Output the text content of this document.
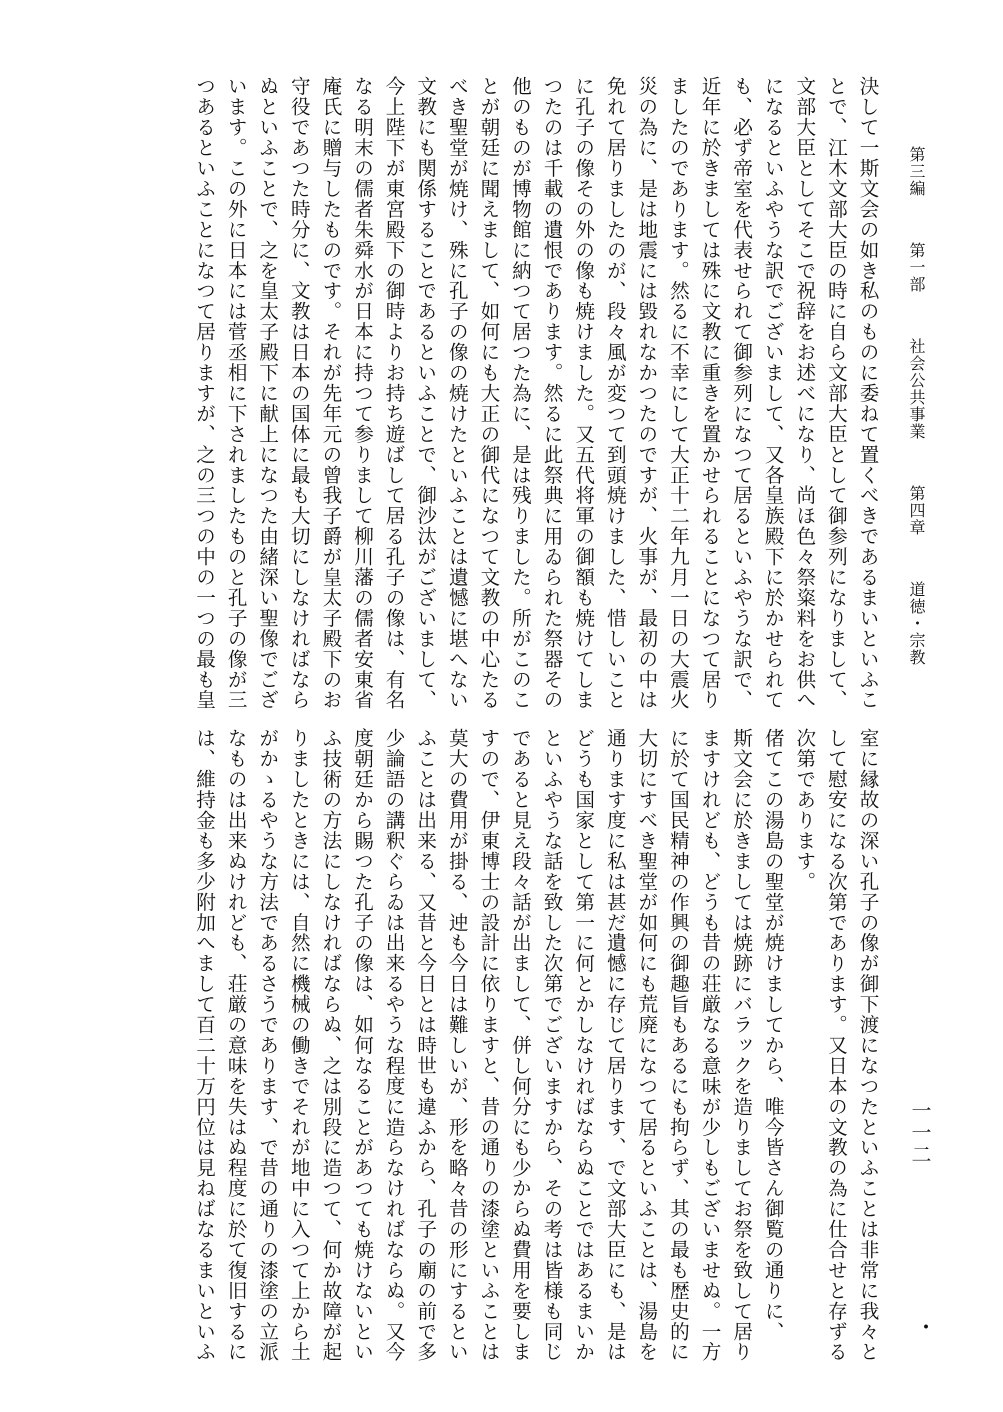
第三編
第一部
社会公共事業
第四章
道徳・宗教
一一二
・
決して一斯文会の如き私のものに委ねて置くべきであるまいといふこ
とで、江木文部大臣の時に自ら文部大臣として御参列になりまして、
文部大臣としてそこで祝辞をお述べになり、尚ほ色々祭粢料をお供へ
になるといふやうな訳でございまして、又各皇族殿下に於かせられて
も、必ず帝室を代表せられて御参列になつて居るといふやうな訳で、
近年に於きましては殊に文教に重きを置かせられることになつて居り
ましたのであります。然るに不幸にして大正十二年九月一日の大震火
災の為に、是は地震には毀れなかつたのですが、火事が、最初の中は
免れて居りましたのが、段々風が変つて到頭焼けました、惜しいこと
に孔子の像その外の像も焼けました。又五代将軍の御額も焼けてしま
つたのは千載の遺恨であります。然るに此祭典に用ゐられた祭器その
他のものが博物館に納つて居つた為に、是は残りました。所がこのこ
とが朝廷に聞えまして、如何にも大正の御代になつて文教の中心たる
べき聖堂が焼け、殊に孔子の像の焼けたといふことは遺憾に堪へない
文教にも関係することであるといふことで、御沙汰がございまして、
今上陛下が東宮殿下の御時よりお持ち遊ばして居る孔子の像は、有名
なる明末の儒者朱舜水が日本に持つて参りまして柳川藩の儒者安東省
庵氏に贈与したものです。それが先年元の曾我子爵が皇太子殿下のお
守役であつた時分に、文教は日本の国体に最も大切にしなければなら
ぬといふことで、之を皇太子殿下に献上になつた由緒深い聖像でござ
います。この外に日本には菅丞相に下されましたものと孔子の像が三
つあるといふことになつて居りますが、之の三つの中の一つの最も皇
室に縁故の深い孔子の像が御下渡になつたといふことは非常に我々と
して慰安になる次第であります。又日本の文教の為に仕合せと存ずる
次第であります。
偖てこの湯島の聖堂が焼けましてから、唯今皆さん御覧の通りに、
斯文会に於きましては焼跡にバラックを造りましてお祭を致して居り
ますけれども、どうも昔の荘厳なる意味が少しもございませぬ。一方
に於て国民精神の作興の御趣旨もあるにも拘らず、其の最も歴史的に
大切にすべき聖堂が如何にも荒廃になつて居るといふことは、湯島を
通ります度に私は甚だ遺憾に存じて居ります、で文部大臣にも、是は
どうも国家として第一に何とかしなければならぬことではあるまいか
といふやうな話を致した次第でございますから、その考は皆様も同じ
であると見え段々話が出まして、併し何分にも少からぬ費用を要しま
すので、伊東博士の設計に依りますと、昔の通りの漆塗といふことは
莫大の費用が掛る、迚も今日は難しいが、形を略々昔の形にするとい
ふことは出来る、又昔と今日とは時世も違ふから、孔子の廟の前で多
少論語の講釈ぐらゐは出来るやうな程度に造らなければならぬ。又今
度朝廷から賜つた孔子の像は、如何なることがあつても焼けないとい
ふ技術の方法にしなければならぬ、之は別段に造つて、何か故障が起
りましたときには、自然に機械の働きでそれが地中に入つて上から土
がかゝるやうな方法であるさうであります、で昔の通りの漆塗の立派
なものは出来ぬけれども、荘厳の意味を失はぬ程度に於て復旧するに
は、維持金も多少附加へまして百二十万円位は見ねばなるまいといふ
